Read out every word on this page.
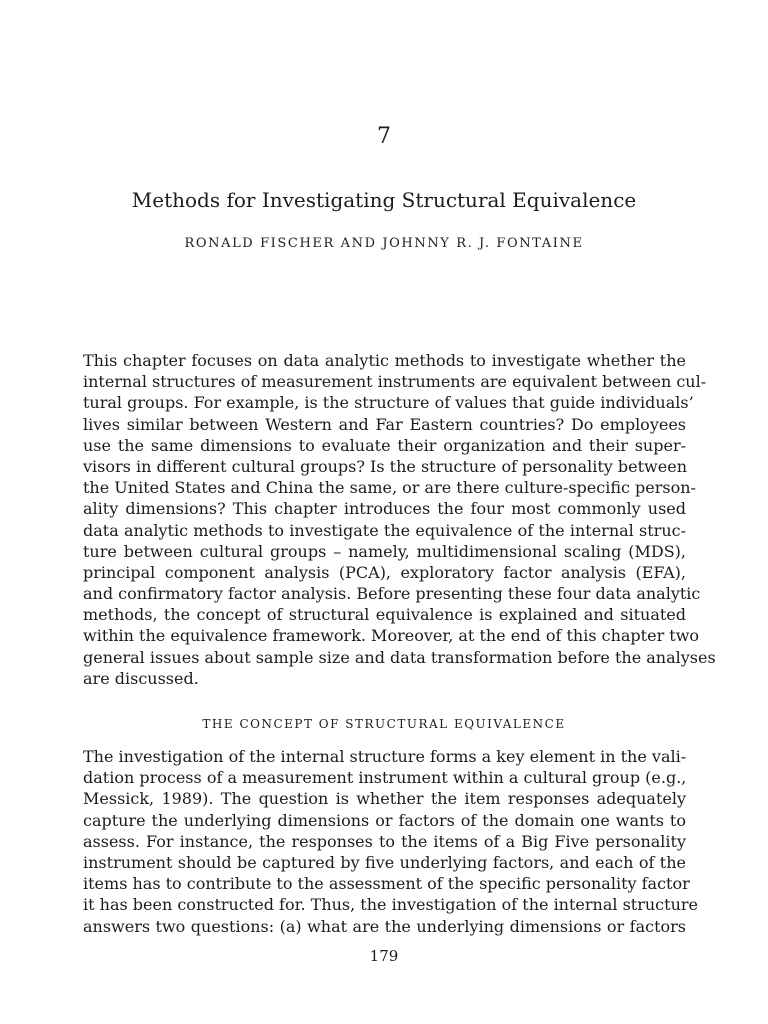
7
Methods for Investigating Structural Equivalence
RONALD FISCHER AND JOHNNY R. J. FONTAINE

This chapter focuses on data analytic methods to investigate whether the
internal structures of measurement instruments are equivalent between cul-
tural groups. For example, is the structure of values that guide individuals’
lives similar between Western and Far Eastern countries? Do employees
use the same dimensions to evaluate their organization and their super-
visors in different cultural groups? Is the structure of personality between
the United States and China the same, or are there culture-specific person-
ality dimensions? This chapter introduces the four most commonly used
data analytic methods to investigate the equivalence of the internal struc-
ture between cultural groups – namely, multidimensional scaling (MDS),
principal component analysis (PCA), exploratory factor analysis (EFA),
and confirmatory factor analysis. Before presenting these four data analytic
methods, the concept of structural equivalence is explained and situated
within the equivalence framework. Moreover, at the end of this chapter two
general issues about sample size and data transformation before the analyses
are discussed.

THE CONCEPT OF STRUCTURAL EQUIVALENCE

The investigation of the internal structure forms a key element in the vali-
dation process of a measurement instrument within a cultural group (e.g.,
Messick, 1989). The question is whether the item responses adequately
capture the underlying dimensions or factors of the domain one wants to
assess. For instance, the responses to the items of a Big Five personality
instrument should be captured by five underlying factors, and each of the
items has to contribute to the assessment of the specific personality factor
it has been constructed for. Thus, the investigation of the internal structure
answers two questions: (a) what are the underlying dimensions or factors

179
